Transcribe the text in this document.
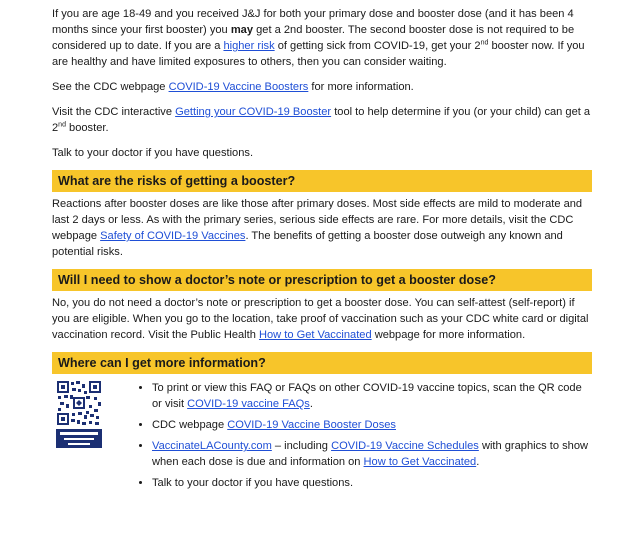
If you are age 18-49 and you received J&J for both your primary dose and booster dose (and it has been 4 months since your first booster) you may get a 2nd booster. The second booster dose is not required to be considered up to date. If you are a higher risk of getting sick from COVID-19, get your 2nd booster now. If you are healthy and have limited exposures to others, then you can consider waiting.

See the CDC webpage COVID-19 Vaccine Boosters for more information.

Visit the CDC interactive Getting your COVID-19 Booster tool to help determine if you (or your child) can get a 2nd booster.

Talk to your doctor if you have questions.

What are the risks of getting a booster?

Reactions after booster doses are like those after primary doses. Most side effects are mild to moderate and last 2 days or less. As with the primary series, serious side effects are rare. For more details, visit the CDC webpage Safety of COVID-19 Vaccines. The benefits of getting a booster dose outweigh any known and potential risks.

Will I need to show a doctor’s note or prescription to get a booster dose?

No, you do not need a doctor’s note or prescription to get a booster dose. You can self-attest (self-report) if you are eligible. When you go to the location, take proof of vaccination such as your CDC white card or digital vaccination record. Visit the Public Health How to Get Vaccinated webpage for more information.

Where can I get more information?
• To print or view this FAQ or FAQs on other COVID-19 vaccine topics, scan the QR code or visit COVID-19 vaccine FAQs.
• CDC webpage COVID-19 Vaccine Booster Doses
• VaccinateLACounty.com – including COVID-19 Vaccine Schedules with graphics to show when each dose is due and information on How to Get Vaccinated.
• Talk to your doctor if you have questions.
